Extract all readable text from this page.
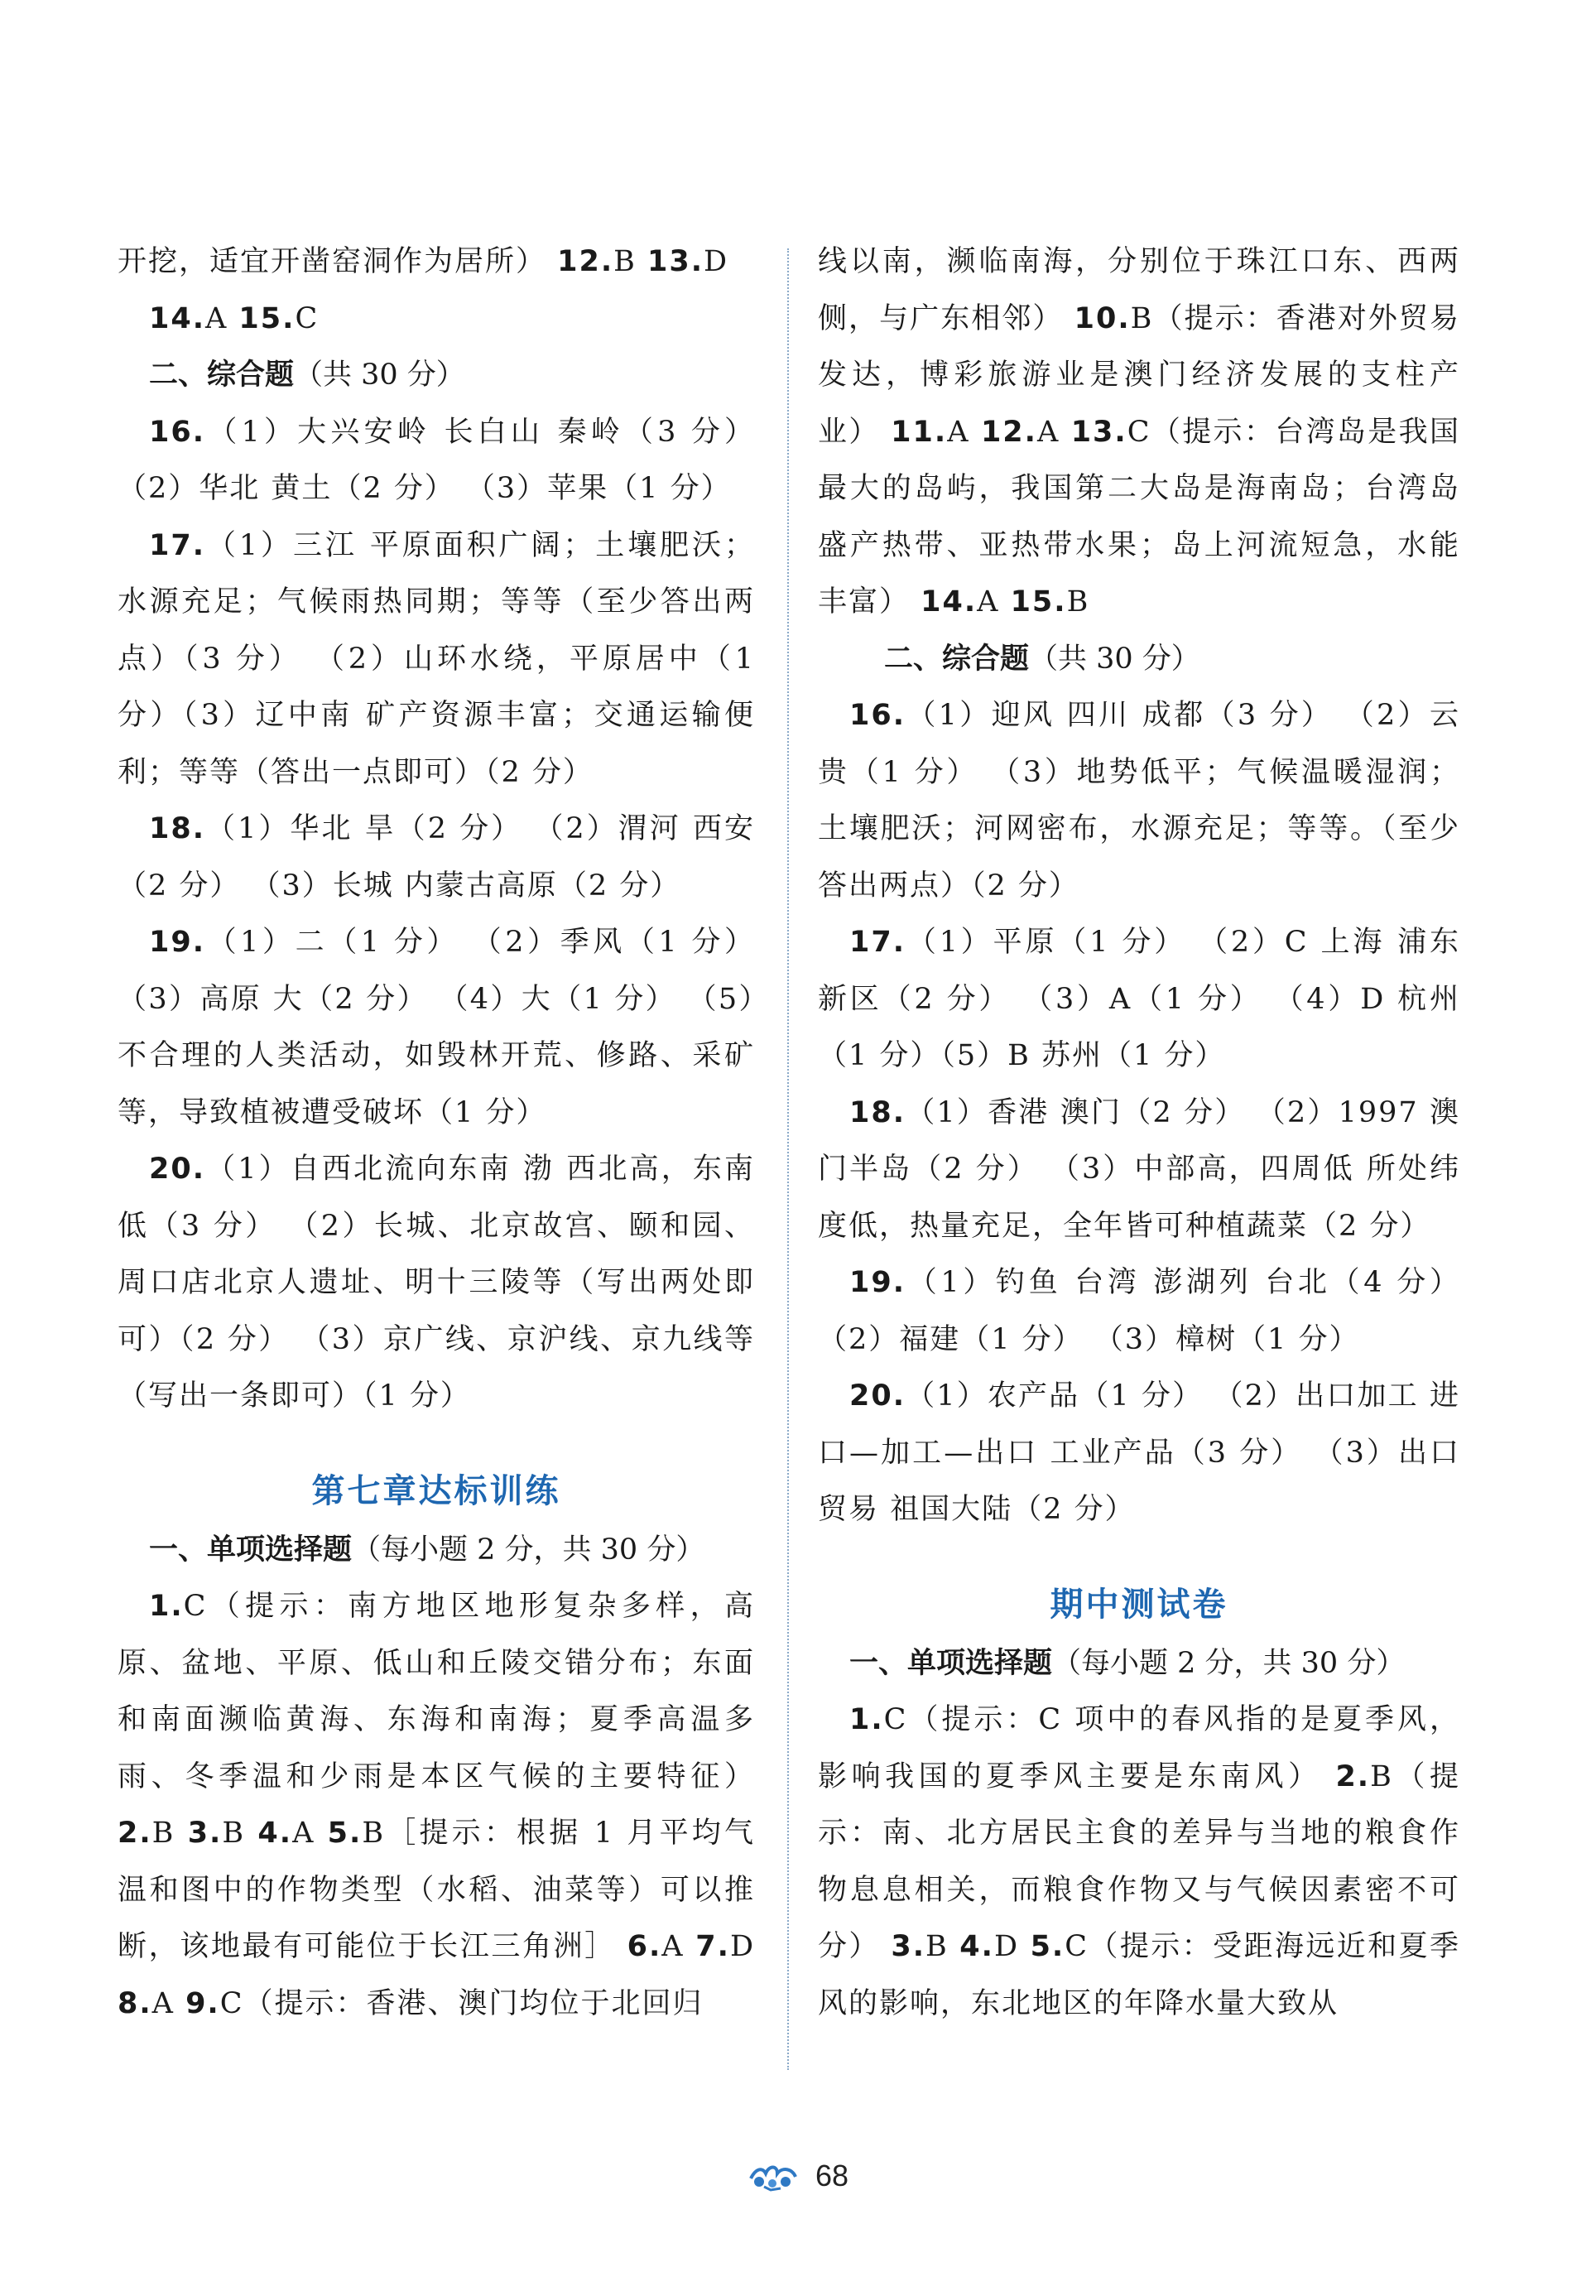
开挖，适宜开凿窑洞作为居所） 12.B 13.D

14.A 15.C

二、综合题（共 30 分）

16.（1）大兴安岭 长白山 秦岭（3 分）（2）华北 黄土（2 分） （3）苹果（1 分）

17.（1）三江 平原面积广阔；土壤肥沃；水源充足；气候雨热同期；等等（至少答出两点）（3 分） （2）山环水绕，平原居中（1 分）（3）辽中南 矿产资源丰富；交通运输便利；等等（答出一点即可）（2 分）

18.（1）华北 旱（2 分） （2）渭河 西安（2 分） （3）长城 内蒙古高原（2 分）

19.（1）二（1 分） （2）季风（1 分） （3）高原 大（2 分） （4）大（1 分） （5）不合理的人类活动，如毁林开荒、修路、采矿等，导致植被遭受破坏（1 分）

20.（1）自西北流向东南 渤 西北高，东南低（3 分） （2）长城、北京故宫、颐和园、周口店北京人遗址、明十三陵等（写出两处即可）（2 分） （3）京广线、京沪线、京九线等（写出一条即可）（1 分）

第七章达标训练

一、单项选择题（每小题 2 分，共 30 分）

1.C（提示：南方地区地形复杂多样，高原、盆地、平原、低山和丘陵交错分布；东面和南面濒临黄海、东海和南海；夏季高温多雨、冬季温和少雨是本区气候的主要特征） 2.B 3.B 4.A 5.B［提示：根据 1 月平均气温和图中的作物类型（水稻、油菜等）可以推断，该地最有可能位于长江三角洲］ 6.A 7.D 8.A 9.C（提示：香港、澳门均位于北回归

线以南，濒临南海，分别位于珠江口东、西两侧，与广东相邻） 10.B（提示：香港对外贸易发达，博彩旅游业是澳门经济发展的支柱产业） 11.A 12.A 13.C（提示：台湾岛是我国最大的岛屿，我国第二大岛是海南岛；台湾岛盛产热带、亚热带水果；岛上河流短急，水能丰富） 14.A 15.B

二、综合题（共 30 分）

16.（1）迎风 四川 成都（3 分） （2）云贵（1 分） （3）地势低平；气候温暖湿润；土壤肥沃；河网密布，水源充足；等等。（至少答出两点）（2 分）

17.（1）平原（1 分） （2）C 上海 浦东新区（2 分） （3）A（1 分） （4）D 杭州（1 分）（5）B 苏州（1 分）

18.（1）香港 澳门（2 分） （2）1997 澳门半岛（2 分） （3）中部高，四周低 所处纬度低，热量充足，全年皆可种植蔬菜（2 分）

19.（1）钓鱼 台湾 澎湖列 台北（4 分） （2）福建（1 分） （3）樟树（1 分）

20.（1）农产品（1 分） （2）出口加工 进口—加工—出口 工业产品（3 分） （3）出口贸易 祖国大陆（2 分）

期中测试卷

一、单项选择题（每小题 2 分，共 30 分）

1.C（提示：C 项中的春风指的是夏季风，影响我国的夏季风主要是东南风） 2.B（提示：南、北方居民主食的差异与当地的粮食作物息息相关，而粮食作物又与气候因素密不可分） 3.B 4.D 5.C（提示：受距海远近和夏季风的影响，东北地区的年降水量大致从

68
